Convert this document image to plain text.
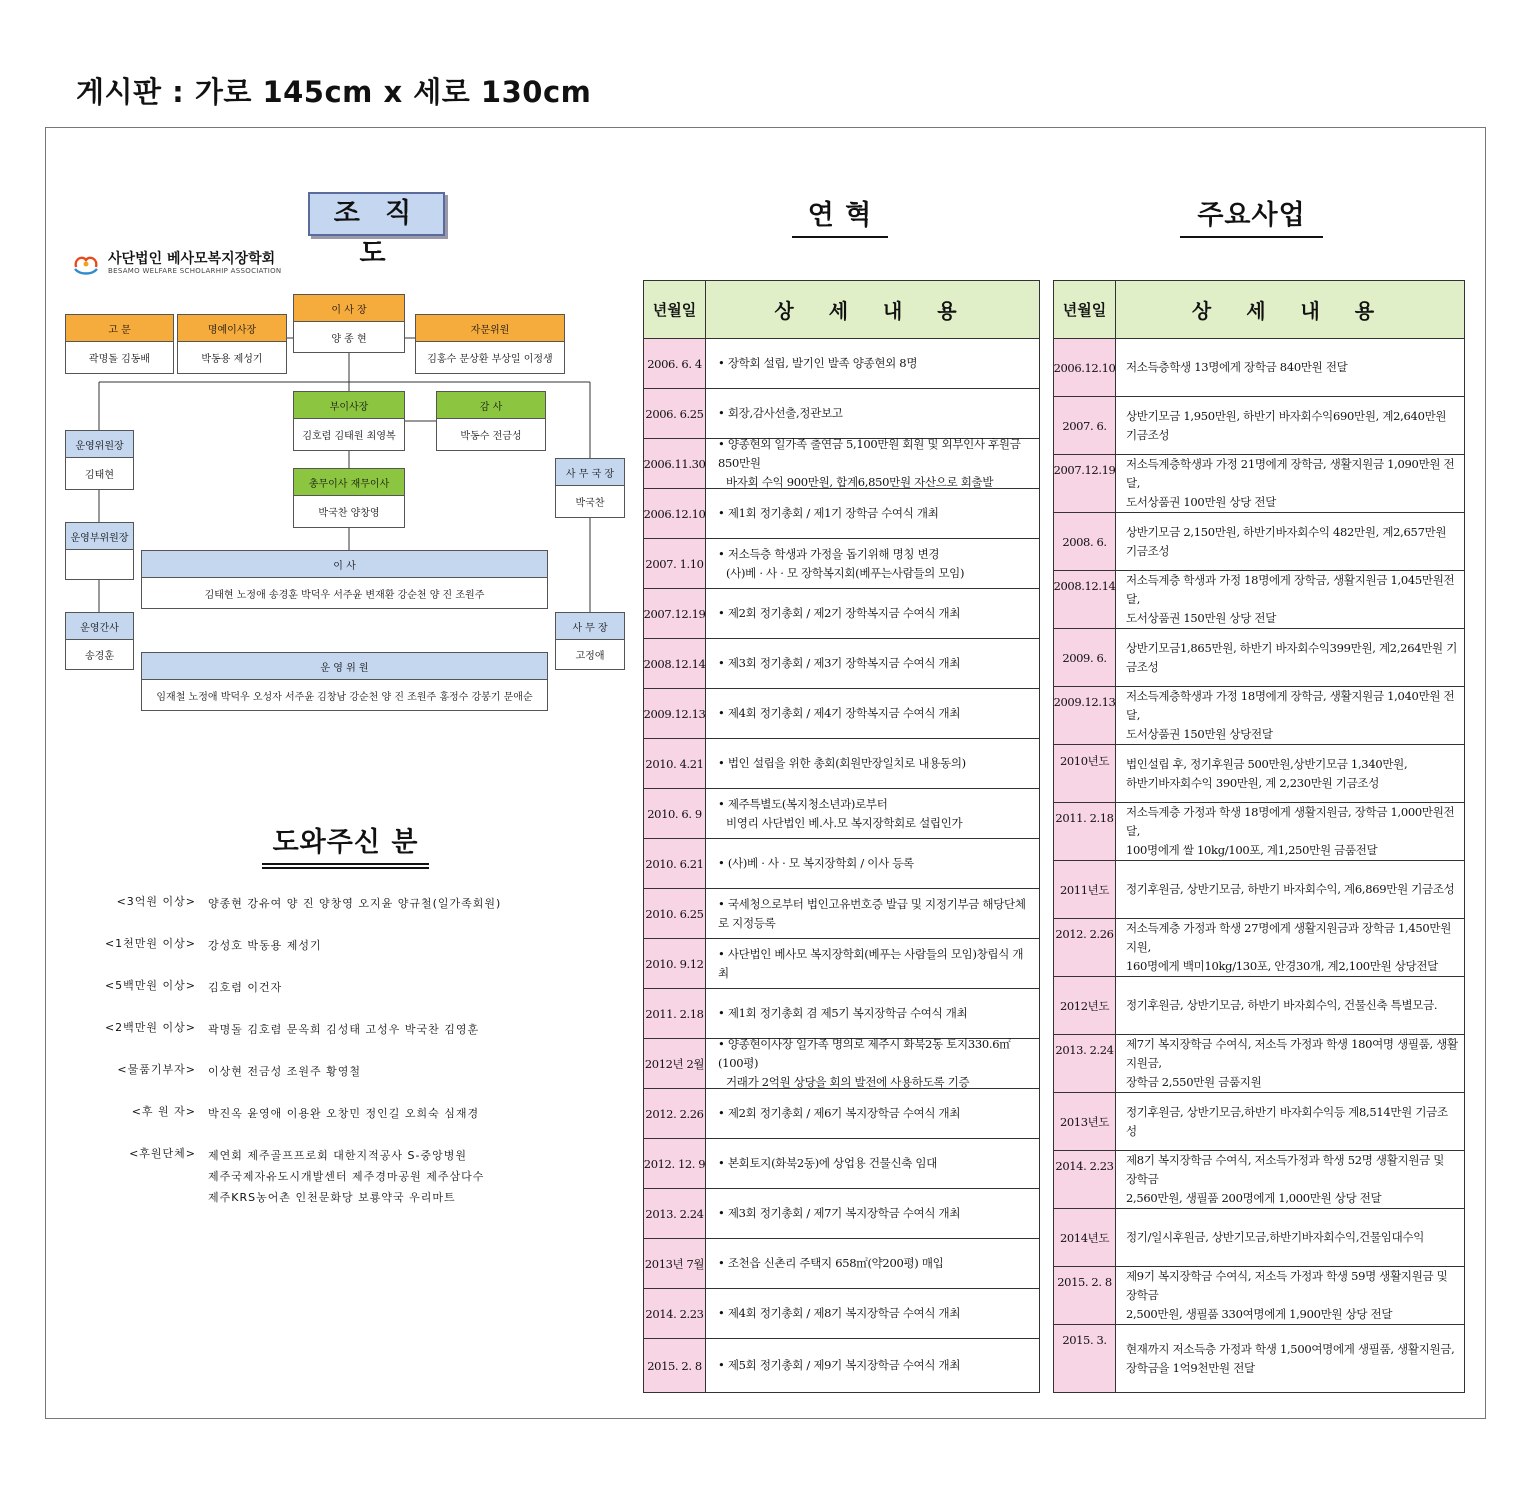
게시판 : 가로 145cm x 세로 130cm
조 직 도
연 혁	주요사업
도와주신 분
사단법인 베사모복지장학회
BESAMO WELFARE SCHOLARHIP ASSOCIATION
고 문
곽명돌 김동배
명예이사장
박동용 제성기
이 사 장
양 종 현
자문위원
김홍수 문상환 부상일 이정생
부이사장
김호렴 김태원 최영복
감 사
박동수 전금성
총무이사 재무이사
박국찬 양창영
운영위원장
김태현
운영부위원장
운영간사
송경훈
사 무 국 장
박국찬
사 무 장
고정애
이 사
김태현 노정애 송경훈 박덕우 서주윤 변재환 강순천 양 진 조원주
운 영 위 원
임재철 노정애 박덕우 오성자 서주윤 김창남 강순천 양 진 조원주 홍정수 강봉기 문애순
<3억원 이상> 양종현 강유여 양 진 양창영 오지윤 양규철(일가족회원)
<1천만원 이상> 강성호 박동용 제성기
<5백만원 이상> 김호렴 이건자
<2백만원 이상> 곽명돌 김호렴 문옥희 김성태 고성우 박국찬 김영훈
<물품기부자> 이상현 전금성 조원주 황영철
<후 원 자> 박진옥 윤영애 이용완 오창민 정인길 오희숙 심재경
<후원단체> 제연회 제주골프프로회 대한지적공사 S-중앙병원
제주국제자유도시개발센터 제주경마공원 제주삼다수
제주KRS농어촌 인천문화당 보룡약국 우리마트
년월일	상 세 내 용
2006. 6. 4	• 장학회 설립, 발기인 발족 양종현외 8명
2006. 6.25	• 회장,감사선출,정관보고
2006.11.30
• 양종현외 일가족 출연금 5,100만원 회원 및 외부인사 후원금 850만원
바자회 수익 900만원, 합계6,850만원 자산으로 회출발
2006.12.10	• 제1회 정기총회 / 제1기 장학금 수여식 개최
2007. 1.10
• 저소득층 학생과 가정을 돕기위해 명칭 변경
(사)베 · 사 · 모 장학복지회(베푸는사람들의 모임)
2007.12.19	• 제2회 정기총회 / 제2기 장학복지금 수여식 개최
2008.12.14	• 제3회 정기총회 / 제3기 장학복지금 수여식 개최
2009.12.13	• 제4회 정기총회 / 제4기 장학복지금 수여식 개최
2010. 4.21	• 법인 설립을 위한 총회(회원만장일치로 내용동의)
2010. 6. 9
• 제주특별도(복지청소년과)로부터
비영리 사단법인 베.사.모 복지장학회로 설립인가
2010. 6.21	• (사)베 · 사 · 모 복지장학회 / 이사 등록
2010. 6.25
• 국세청으로부터 법인고유번호증 발급 및 지정기부금 해당단체로 지정등록
2010. 9.12
• 사단법인 베사모 복지장학회(베푸는 사람들의 모임)창립식 개최
2011. 2.18	• 제1회 정기총회 겸 제5기 복지장학금 수여식 개최
2012년 2월
• 양종현이사장 일가족 명의로 제주시 화북2동 토지330.6㎡(100평)
거래가 2억원 상당을 회의 발전에 사용하도록 기증
2012. 2.26	• 제2회 정기총회 / 제6기 복지장학금 수여식 개최
2012. 12. 9	• 본회토지(화북2동)에 상업용 건물신축 임대
2013. 2.24	• 제3회 정기총회 / 제7기 복지장학금 수여식 개최
2013년 7월	• 조천읍 신촌리 주택지 658㎡(약200평) 매입
2014. 2.23	• 제4회 정기총회 / 제8기 복지장학금 수여식 개최
2015. 2. 8	• 제5회 정기총회 / 제9기 복지장학금 수여식 개최
년월일	상 세 내 용
2006.12.10 저소득층학생 13명에게 장학금 840만원 전달
2007. 6.
상반기모금 1,950만원, 하반기 바자회수익690만원, 계2,640만원 기금조성
2007.12.19 저소득계층학생과 가정 21명에게 장학금, 생활지원금 1,090만원 전달,
도서상품권 100만원 상당 전달
2008. 6.
상반기모금 2,150만원, 하반기바자회수익 482만원, 계2,657만원 기금조성
2008.12.14 저소득계층 학생과 가정 18명에게 장학금, 생활지원금 1,045만원전달,
도서상품권 150만원 상당 전달
2009. 6.
상반기모금1,865만원, 하반기 바자회수익399만원, 계2,264만원 기금조성
2009.12.13 저소득계층학생과 가정 18명에게 장학금, 생활지원금 1,040만원 전달,
도서상품권 150만원 상당전달
2010년도	법인설립 후, 정기후원금 500만원,상반기모금 1,340만원,
하반기바자회수익 390만원, 계 2,230만원 기금조성
2011. 2.18 저소득계층 가정과 학생 18명에게 생활지원금, 장학금 1,000만원전달,
100명에게 쌀 10kg/100포, 계1,250만원 금품전달
2011년도	정기후원금, 상반기모금, 하반기 바자회수익, 계6,869만원 기금조성
2012. 2.26 저소득계층 가정과 학생 27명에게 생활지원금과 장학금 1,450만원지원,
160명에게 백미10kg/130포, 안경30개, 계2,100만원 상당전달
2012년도	정기후원금, 상반기모금, 하반기 바자회수익, 건물신축 특별모금.
2013. 2.24 제7기 복지장학금 수여식, 저소득 가정과 학생 180여명 생필품, 생활지원금,
장학금 2,550만원 금품지원
2013년도
정기후원금, 상반기모금,하반기 바자회수익등 계8,514만원 기금조성
2014. 2.23 제8기 복지장학금 수여식, 저소득가정과 학생 52명 생활지원금 및 장학금
2,560만원, 생필품 200명에게 1,000만원 상당 전달
2014년도	정기/일시후원금, 상반기모금,하반기바자회수익,건물임대수익
2015. 2. 8	제9기 복지장학금 수여식, 저소득 가정과 학생 59명 생활지원금 및 장학금
2,500만원, 생필품 330여명에게 1,900만원 상당 전달
2015. 3.
현재까지 저소득층 가정과 학생 1,500여명에게 생필품, 생활지원금,
장학금을 1억9천만원 전달
